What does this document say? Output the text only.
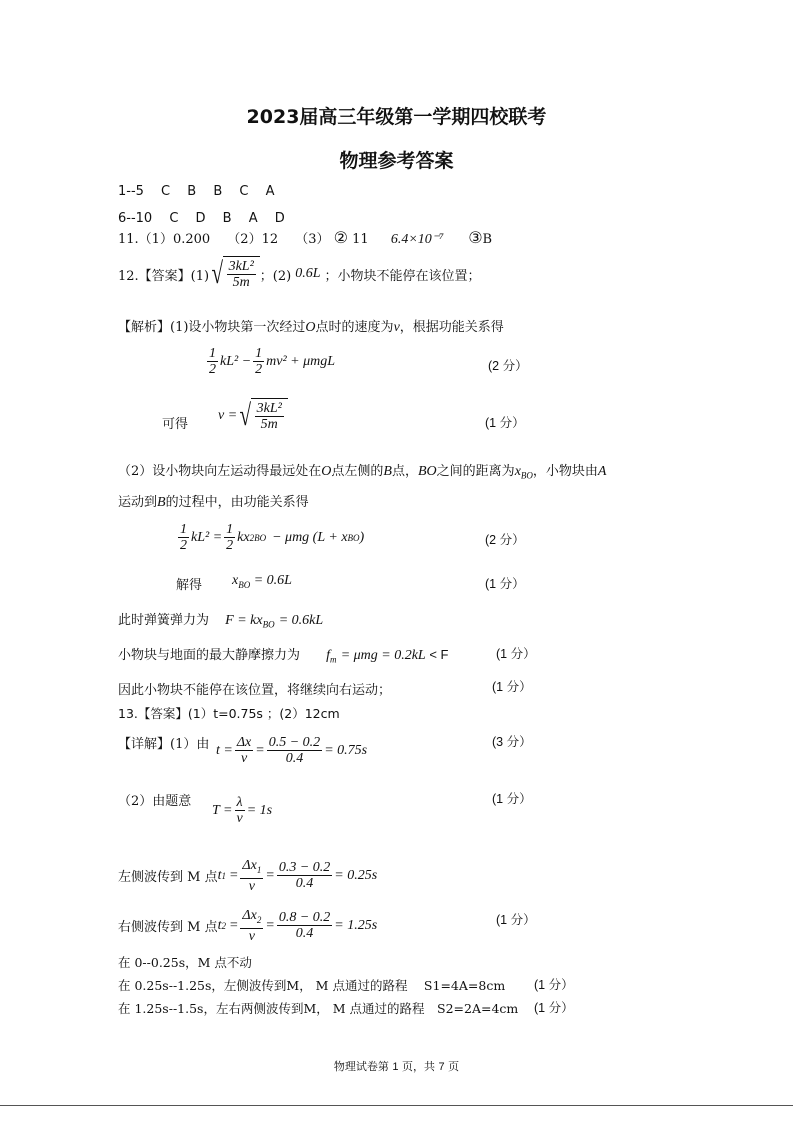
2023届高三年级第一学期四校联考
物理参考答案
1--5　 C　 B　 B　 C　 A
6--10　 C　 D　 B　 A　 D
11.（1）0.200　 （2）12　 （3） ② 11 6.4×10⁻⁷ ③B
12.【答案】(1) √ $\frac{\text{3kL²}}{5m}$ ；(2) 0.6L ；小物块不能停在该位置；
【解析】(1)设小物块第一次经过O点时的速度为v，根据功能关系得
$\frac{1}{2} kL^2 - \frac{1}{2} mv^2 + \mu mgL$	(2 分）
可得
v = √ $\frac{\text{3kL²}}{5m}$	(1 分）
（2）设小物块向左运动得最远处在O点左侧的B点，BO之间的距离为$x_{BO}$，小物块由A
运动到B的过程中，由功能关系得
$\frac{1}{2} kL^2 = \frac{1}{2}$ kx 2 BO − μmg (L + x BO )	(2 分）
解得 $x_{BO} = 0.6L$	(1 分）
此时弹簧弹力为 $F = kx_{BO} = 0.6kL$
小物块与地面的最大静摩擦力为 $f_m = \mu mg = 0.2kL < F$	(1 分）
因此小物块不能停在该位置，将继续向右运动；	(1 分）
13.【答案】(1）t=0.75s ；(2）12cm
【详解】(1）由 $t = \frac{\Delta x}{v} = \frac{0.5 - 0.2}{0.4} = 0.75s$
(3 分）
（2）由题意
$T = \frac{\lambda}{v} = 1s$
(1 分）
左侧波传到 M 点 t $1 = \frac{\Delta x_1}{v} = \frac{0.3 - 0.2}{0.4} = 0.25s$
右侧波传到 M 点 t $2 = \frac{\Delta x_2}{v} = \frac{0.8 - 0.2}{0.4} = 1.25s$	(1 分）
在 0--0.25s，M 点不动
在 0.25s--1.25s，左侧波传到M， M 点通过的路程　 S1=4A=8cm (1 分）
在 1.25s--1.5s，左右两侧波传到M， M 点通过的路程　S2=2A=4cm (1 分）
物理试卷第 1 页，共 7 页
